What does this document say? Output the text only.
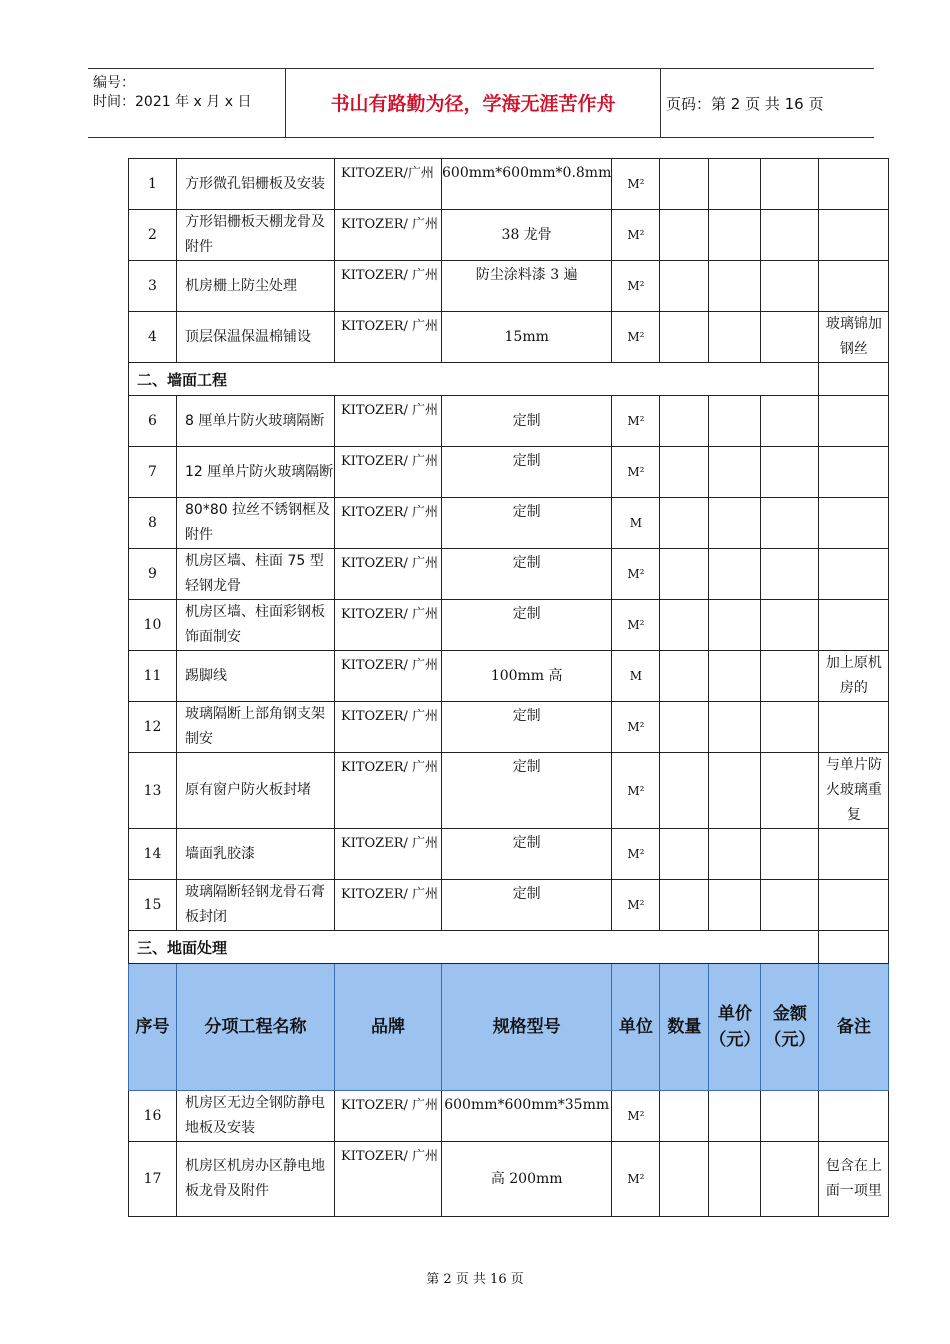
编号：
时间：2021 年 x 月 x 日	书山有路勤为径，学海无涯苦作舟	页码：第 2 页 共 16 页
1	方形微孔铝栅板及安装	KITOZER/广州	600mm*600mm*0.8mm	M²				
2	方形铝栅板天棚龙骨及附件	KITOZER/ 广州	38 龙骨	M²				
3	机房栅上防尘处理	KITOZER/ 广州	防尘涂料漆 3 遍	M²				
4	顶层保温保温棉铺设	KITOZER/ 广州	15mm	M²				玻璃锦加钢丝
二、墙面工程								
6	8 厘单片防火玻璃隔断	KITOZER/ 广州	定制	M²				
7	12 厘单片防火玻璃隔断	KITOZER/ 广州	定制	M²				
8	80*80 拉丝不锈钢框及附件	KITOZER/ 广州	定制	M				
9	机房区墙、柱面 75 型轻钢龙骨	KITOZER/ 广州	定制	M²				
10	机房区墙、柱面彩钢板饰面制安	KITOZER/ 广州	定制	M²				
11	踢脚线	KITOZER/ 广州	100mm 高	M				加上原机房的
12	玻璃隔断上部角钢支架制安	KITOZER/ 广州	定制	M²				
13	原有窗户防火板封堵	KITOZER/ 广州	定制	M²				与单片防火玻璃重复
14	墙面乳胶漆	KITOZER/ 广州	定制	M²				
15	玻璃隔断轻钢龙骨石膏板封闭	KITOZER/ 广州	定制	M²				
三、地面处理								
序号	分项工程名称	品牌	规格型号	单位	数量	单价（元）	金额（元）	备注
16	机房区无边全钢防静电地板及安装	KITOZER/ 广州	600mm*600mm*35mm	M²				
17	机房区机房办区静电地板龙骨及附件	KITOZER/ 广州	高 200mm	M²				包含在上面一项里
第 2 页 共 16 页
